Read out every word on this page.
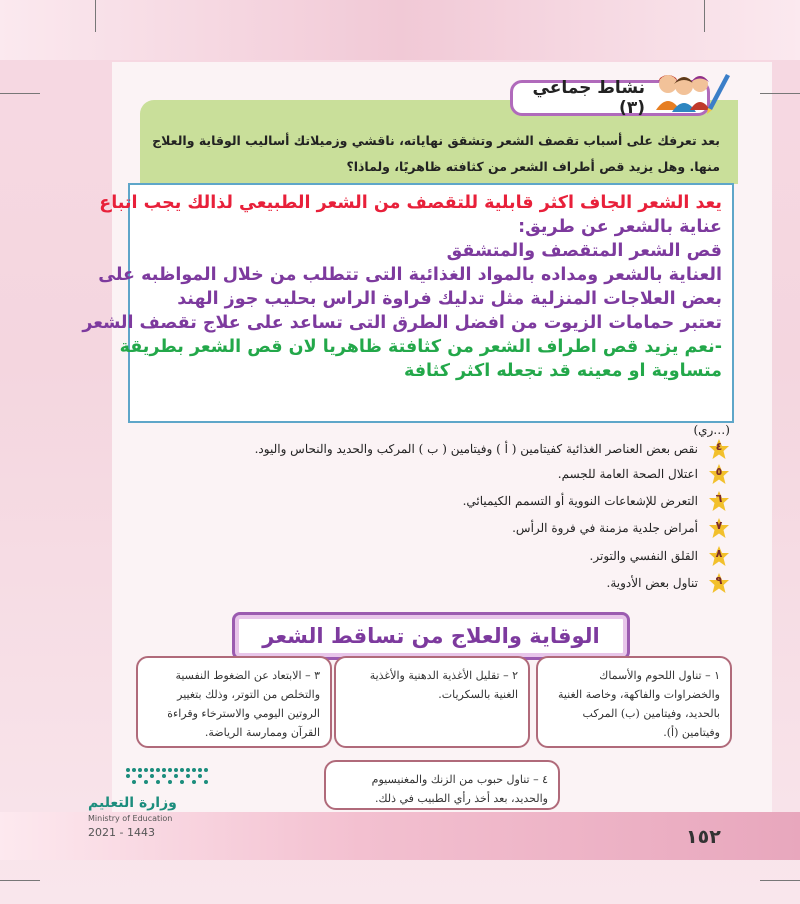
نشاط جماعي (٣)
بعد تعرفك على أسباب تقصف الشعر وتشقق نهاياته، ناقشي وزميلاتك أساليب الوقاية والعلاج
منها. وهل يزيد قص أطراف الشعر من كثافته ظاهريًا، ولماذا؟
(…ري)
٤
نقص بعض العناصر الغذائية كفيتامين ( أ ) وفيتامين ( ب ) المركب والحديد والنحاس واليود.
٥
اعتلال الصحة العامة للجسم.
٦
التعرض للإشعاعات النووية أو التسمم الكيميائي.
٧
أمراض جلدية مزمنة في فروة الرأس.
٨
القلق النفسي والتوتر.
٩
تناول بعض الأدوية.

يعد الشعر الجاف اكثر قابلية للتقصف من الشعر الطبيعي لذالك يجب اتباع

عناية بالشعر عن طريق:

قص الشعر المتقصف والمتشقق

العناية بالشعر ومداده بالمواد الغذائية التى تتطلب من خلال المواظبه على

بعض العلاجات المنزلية مثل تدليك فراوة الراس بحليب جوز الهند

تعتبر حمامات الزيوت من افضل الطرق التى تساعد على علاج تقصف الشعر

-نعم يزيد قص اطراف الشعر من كثافتة ظاهريا لان قص الشعر بطريقة

متساوية او معينه قد تجعله اكثر كثافة

الوقاية والعلاج من تساقط الشعر
١ – تناول اللحوم والأسماك والخضراوات والفاكهة، وخاصة الغنية بالحديد، وفيتامين (ب) المركب وفيتامين (أ).
٢ – تقليل الأغذية الدهنية والأغذية الغنية بالسكريات.
٣ – الابتعاد عن الضغوط النفسية والتخلص من التوتر، وذلك بتغيير الروتين اليومي والاسترخاء وقراءة القرآن وممارسة الرياضة.
٤ – تناول حبوب من الزنك والمغنيسيوم والحديد، بعد أخذ رأي الطبيب في ذلك.
وزارة التعليم
Ministry of Education
2021 - 1443	١٥٢
